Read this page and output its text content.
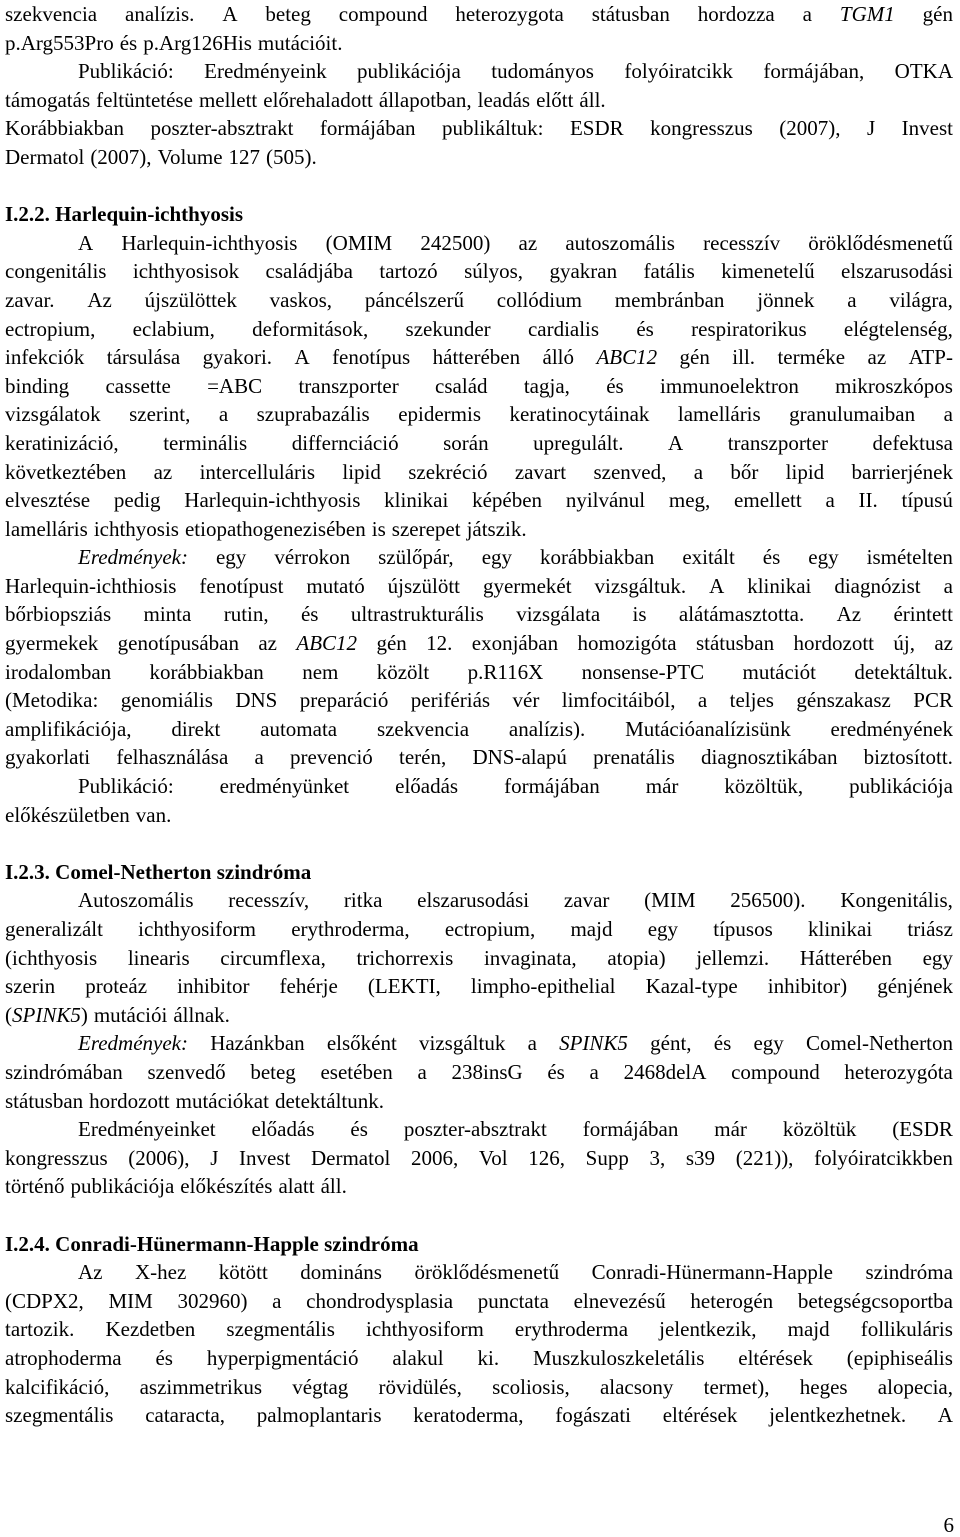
szekvencia analízis. A beteg compound heterozygota státusban hordozza a TGM1 gén
p.Arg553Pro és p.Arg126His mutációit.
Publikáció: Eredményeink publikációja tudományos folyóiratcikk formájában, OTKA
támogatás feltüntetése mellett előrehaladott állapotban, leadás előtt áll.
Korábbiakban poszter-absztrakt formájában publikáltuk: ESDR kongresszus (2007), J Invest
Dermatol (2007), Volume 127 (505).
I.2.2. Harlequin-ichthyosis
A Harlequin-ichthyosis (OMIM 242500) az autoszomális recesszív öröklődésmenetű
congenitális ichthyosisok családjába tartozó súlyos, gyakran fatális kimenetelű elszarusodási
zavar. Az újszülöttek vaskos, páncélszerű collódium membránban jönnek a világra,
ectropium, eclabium, deformitások, szekunder cardialis és respiratorikus elégtelenség,
infekciók társulása gyakori. A fenotípus hátterében álló ABC12 gén ill. terméke az ATP-
binding cassette =ABC transzporter család tagja, és immunoelektron mikroszkópos
vizsgálatok szerint, a szuprabazális epidermis keratinocytáinak lamelláris granulumaiban a
keratinizáció, terminális differnciáció során upregulált. A transzporter defektusa
következtében az intercelluláris lipid szekréció zavart szenved, a bőr lipid barrierjének
elvesztése pedig Harlequin-ichthyosis klinikai képében nyilvánul meg, emellett a II. típusú
lamelláris ichthyosis etiopathogenezisében is szerepet játszik.
Eredmények: egy vérrokon szülőpár, egy korábbiakban exitált és egy ismételten
Harlequin-ichthiosis fenotípust mutató újszülött gyermekét vizsgáltuk. A klinikai diagnózist a
bőrbiopsziás minta rutin, és ultrastrukturális vizsgálata is alátámasztotta. Az érintett
gyermekek genotípusában az ABC12 gén 12. exonjában homozigóta státusban hordozott új, az
irodalomban korábbiakban nem közölt p.R116X nonsense-PTC mutációt detektáltuk.
(Metodika: genomiális DNS preparáció perifériás vér limfocitáiból, a teljes génszakasz PCR
amplifikációja, direkt automata szekvencia analízis). Mutációanalízisünk eredményének
gyakorlati felhasználása a prevenció terén, DNS-alapú prenatális diagnosztikában biztosított.
Publikáció: eredményünket előadás formájában már közöltük, publikációja
előkészületben van.
I.2.3. Comel-Netherton szindróma
Autoszomális recesszív, ritka elszarusodási zavar (MIM 256500). Kongenitális,
generalizált ichthyosiform erythroderma, ectropium, majd egy típusos klinikai triász
(ichthyosis linearis circumflexa, trichorrexis invaginata, atopia) jellemzi. Hátterében egy
szerin proteáz inhibitor fehérje (LEKTI, limpho-epithelial Kazal-type inhibitor) génjének
(SPINK5) mutációi állnak.
Eredmények: Hazánkban elsőként vizsgáltuk a SPINK5 gént, és egy Comel-Netherton
szindrómában szenvedő beteg esetében a 238insG és a 2468delA compound heterozygóta
státusban hordozott mutációkat detektáltunk.
Eredményeinket előadás és poszter-absztrakt formájában már közöltük (ESDR
kongresszus (2006), J Invest Dermatol 2006, Vol 126, Supp 3, s39 (221)), folyóiratcikkben
történő publikációja előkészítés alatt áll.
I.2.4. Conradi-Hünermann-Happle szindróma
Az X-hez kötött domináns öröklődésmenetű Conradi-Hünermann-Happle szindróma
(CDPX2, MIM 302960) a chondrodysplasia punctata elnevezésű heterogén betegségcsoportba
tartozik. Kezdetben szegmentális ichthyosiform erythroderma jelentkezik, majd follikuláris
atrophoderma és hyperpigmentáció alakul ki. Muszkuloszkeletális eltérések (epiphiseális
kalcifikáció, aszimmetrikus végtag rövidülés, scoliosis, alacsony termet), heges alopecia,
szegmentális cataracta, palmoplantaris keratoderma, fogászati eltérések jelentkezhetnek. A
6
